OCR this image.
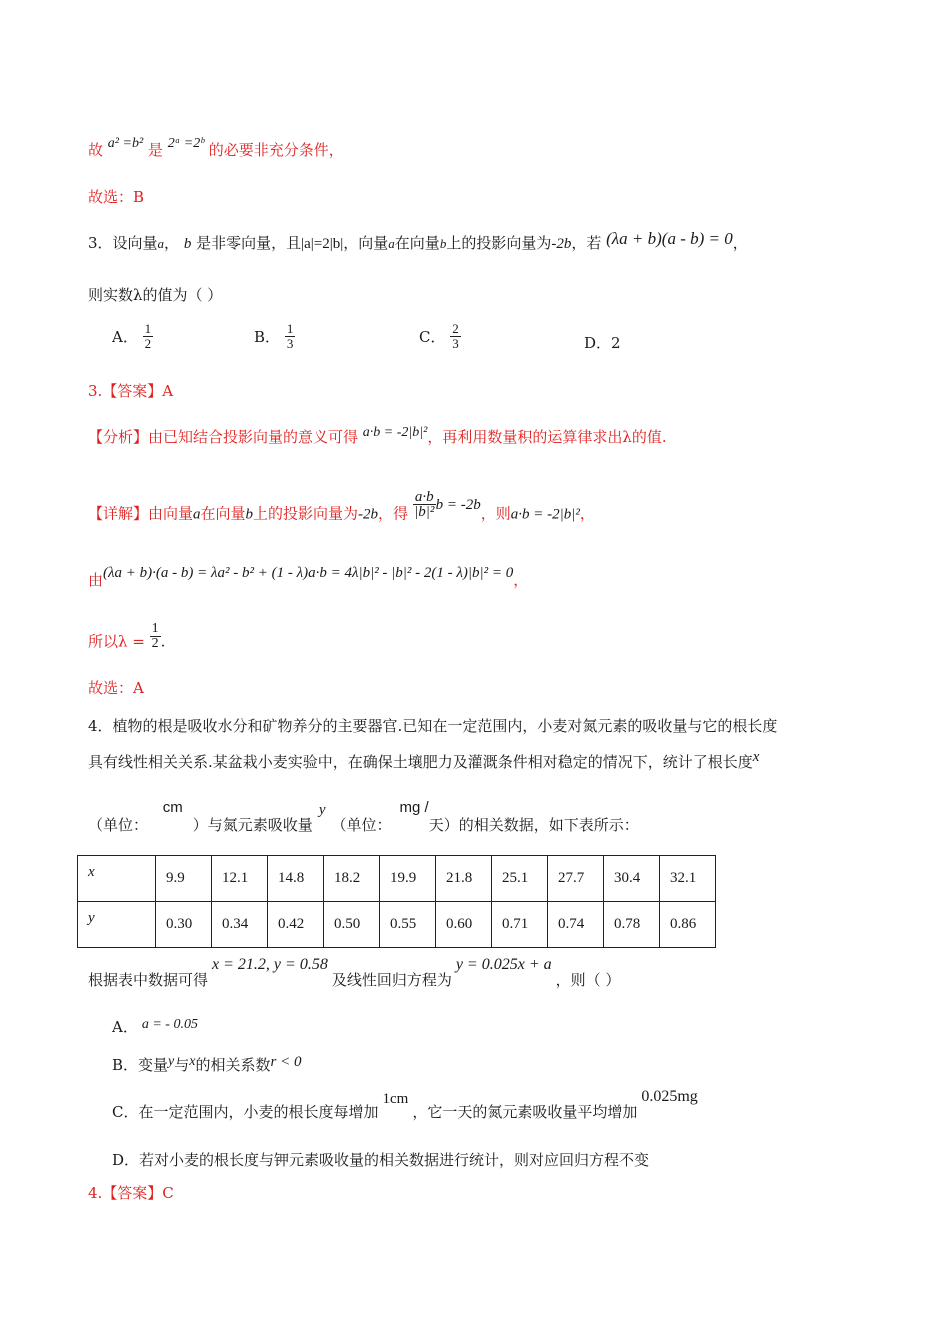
故 a² =b² 是 2ᵃ =2ᵇ 的必要非充分条件，
故选：B
3．设向量a， b 是非零向量，且|a|=2|b|，向量a在向量b上的投影向量为-2b，若 (λa + b)(a - b) = 0，
则实数λ的值为（ ）
A． $\frac{1}{2}$	B． $\frac{1}{3}$	C． $\frac{2}{3}$	D．2
3.【答案】A
【分析】由已知结合投影向量的意义可得 a·b = -2|b|²，再利用数量积的运算律求出λ的值.
【详解】由向量a在向量b上的投影向量为-2b，得 $\frac{a\cdot b}{\text{|b|²}}$ b = -2b，则a·b = -2|b|²，
由(λa + b)·(a - b) = λa² - b² + (1 - λ)a·b = 4λ|b|² - |b|² - 2(1 - λ)|b|² = 0，
所以$\lambda = \frac{1}{2}$ .
故选：A
4．植物的根是吸收水分和矿物养分的主要器官.已知在一定范围内，小麦对氮元素的吸收量与它的根长度
具有线性相关关系.某盆栽小麦实验中，在确保土壤肥力及灌溉条件相对稳定的情况下，统计了根长度x
（单位： cm）与氮元素吸收量y（单位：mg /天）的相关数据，如下表所示：
x	9.9	12.1	14.8	18.2	19.9	21.8	25.1	27.7	30.4	32.1
y	0.30	0.34	0.42	0.50	0.55	0.60	0.71	0.74	0.78	0.86
根据表中数据可得x = 21.2, y = 0.58及线性回归方程为y = 0.025x + a，则（ ）
A． a = - 0.05
B．变量y与x的相关系数r < 0
C．在一定范围内，小麦的根长度每增加1cm，它一天的氮元素吸收量平均增加0.025mg
D．若对小麦的根长度与钾元素吸收量的相关数据进行统计，则对应回归方程不变
4.【答案】C
